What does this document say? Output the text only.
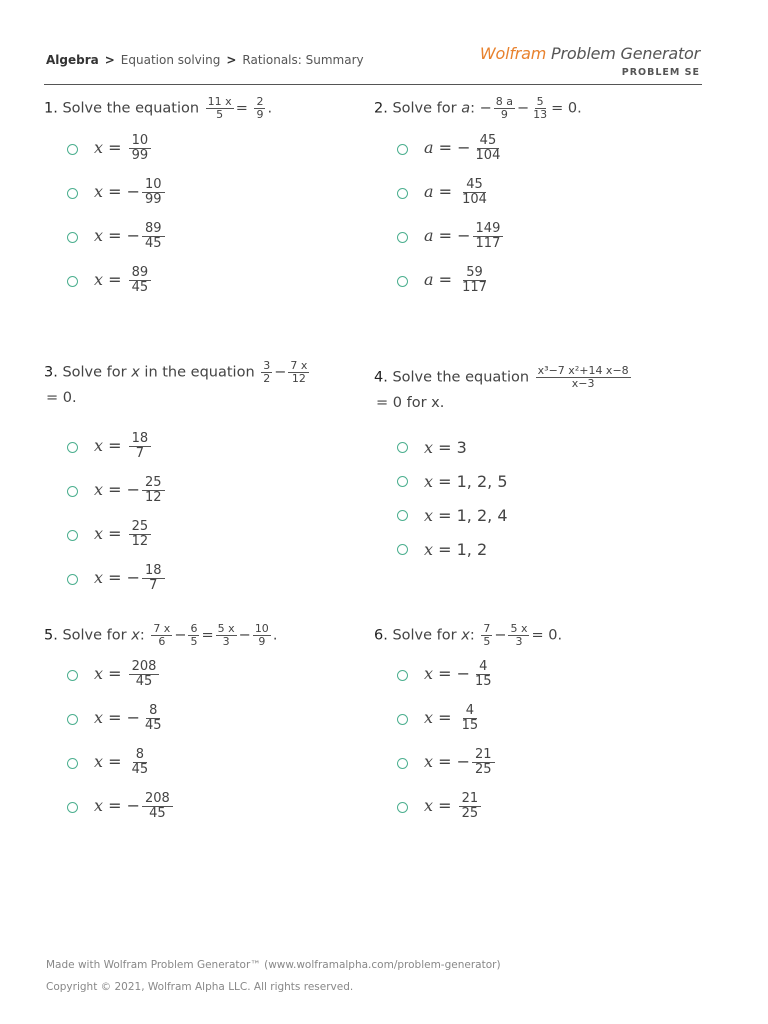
Algebra > Equation solving > Rationals: Summary	Wolfram Problem Generator
PROBLEM SE
1. Solve the equation $\frac{11 x}{5} = \frac{2}{9}$ .
$x = \frac{10}{99}$
x = − $\frac{10}{99}$
x = − $\frac{89}{45}$
$x = \frac{89}{45}$
2. Solve for a: − $\frac{8 a}{9} - \frac{5}{13} = 0$.
a = − $\frac{45}{104}$
$a = \frac{45}{104}$
a = − $\frac{149}{117}$
$a = \frac{59}{117}$
3. Solve for x in the equation $\frac{3}{2} - \frac{7 x}{12}$
= 0.
$x = \frac{18}{7}$
x = − $\frac{25}{12}$
$x = \frac{25}{12}$
x = − $\frac{18}{7}$
4. Solve the equation $\frac{\text{x³−7 x²+14 x−8}}{x-3}$
= 0 for x.
x = 3
x = 1, 2, 5
x = 1, 2, 4
x = 1, 2
5. Solve for x: $\frac{7 x}{6} - \frac{6}{5} = \frac{5 x}{3} - \frac{10}{9}$ .
$x = \frac{208}{45}$
x = − $\frac{8}{45}$
$x = \frac{8}{45}$
x = − $\frac{208}{45}$
6. Solve for x: $\frac{7}{5} - \frac{5 x}{3} = 0$.
x = − $\frac{4}{15}$
$x = \frac{4}{15}$
x = − $\frac{21}{25}$
$x = \frac{21}{25}$
Made with Wolfram Problem Generator™ (www.wolframalpha.com/problem-generator)
Copyright © 2021, Wolfram Alpha LLC. All rights reserved.
